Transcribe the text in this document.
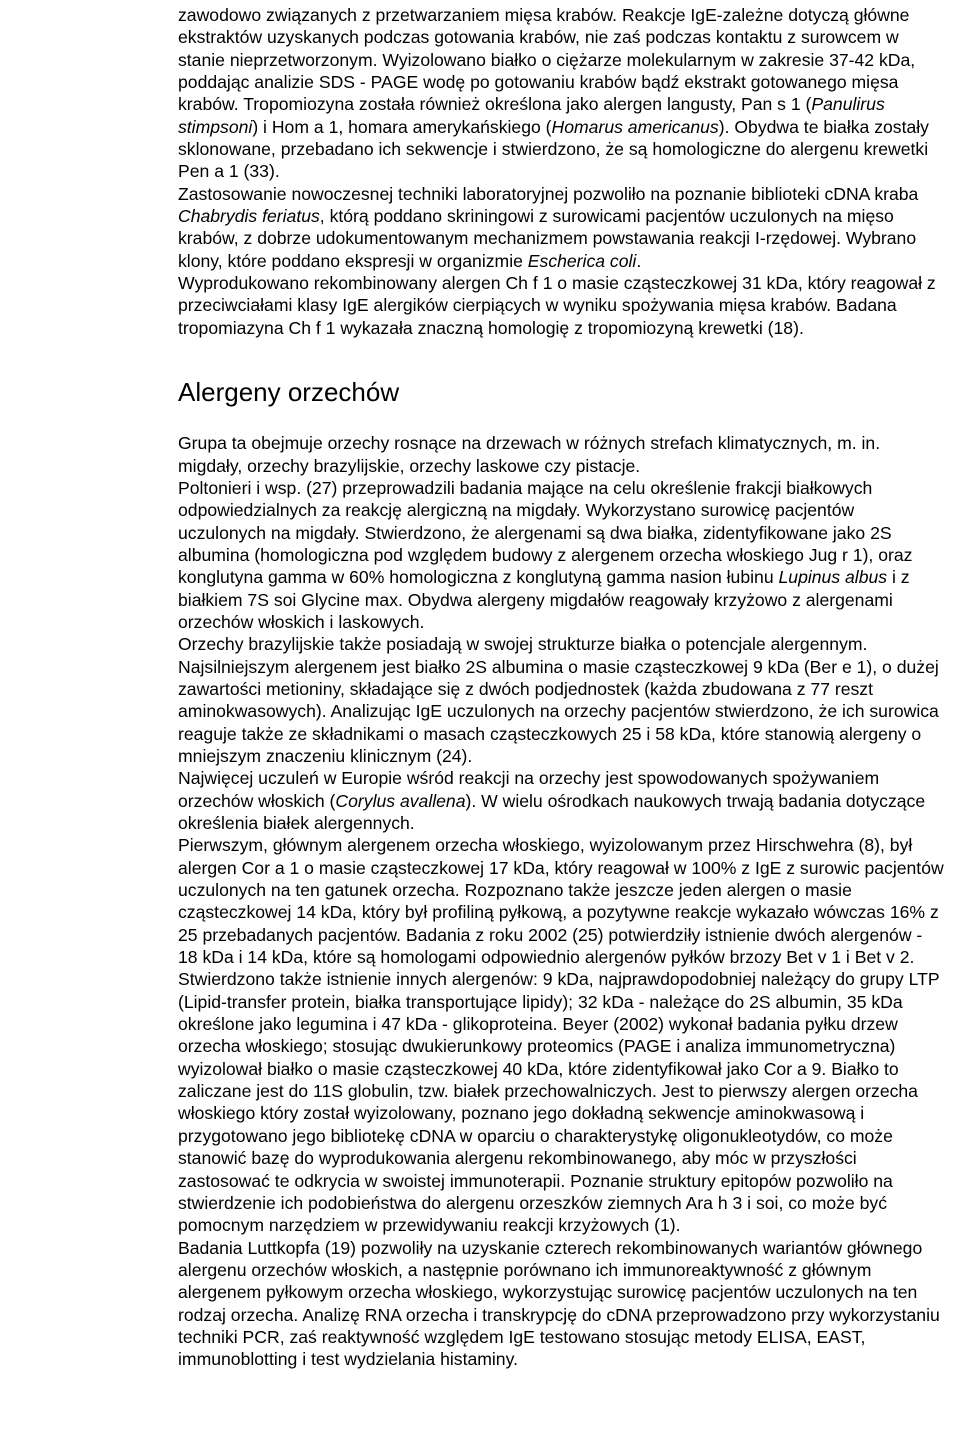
zawodowo związanych z przetwarzaniem mięsa krabów. Reakcje IgE-zależne dotyczą główne ekstraktów uzyskanych podczas gotowania krabów, nie zaś podczas kontaktu z surowcem w stanie nieprzetworzonym. Wyizolowano białko o ciężarze molekularnym w zakresie 37-42 kDa, poddając analizie SDS - PAGE wodę po gotowaniu krabów bądź ekstrakt gotowanego mięsa krabów. Tropomiozyna została również określona jako alergen langusty, Pan s 1 (Panulirus stimpsoni) i Hom a 1, homara amerykańskiego (Homarus americanus). Obydwa te białka zostały sklonowane, przebadano ich sekwencje i stwierdzono, że są homologiczne do alergenu krewetki Pen a 1 (33).

Zastosowanie nowoczesnej techniki laboratoryjnej pozwoliło na poznanie biblioteki cDNA kraba Chabrydis feriatus, którą poddano skriningowi z surowicami pacjentów uczulonych na mięso krabów, z dobrze udokumentowanym mechanizmem powstawania reakcji I-rzędowej. Wybrano klony, które poddano ekspresji w organizmie Escherica coli.

Wyprodukowano rekombinowany alergen Ch f 1 o masie cząsteczkowej 31 kDa, który reagował z przeciwciałami klasy IgE alergików cierpiących w wyniku spożywania mięsa krabów. Badana tropomiazyna Ch f 1 wykazała znaczną homologię z tropomiozyną krewetki (18).

Alergeny orzechów

Grupa ta obejmuje orzechy rosnące na drzewach w różnych strefach klimatycznych, m. in. migdały, orzechy brazylijskie, orzechy laskowe czy pistacje.

Poltonieri i wsp. (27) przeprowadzili badania mające na celu określenie frakcji białkowych odpowiedzialnych za reakcję alergiczną na migdały. Wykorzystano surowicę pacjentów uczulonych na migdały. Stwierdzono, że alergenami są dwa białka, zidentyfikowane jako 2S albumina (homologiczna pod względem budowy z alergenem orzecha włoskiego Jug r 1), oraz konglutyna gamma w 60% homologiczna z konglutyną gamma nasion łubinu Lupinus albus i z białkiem 7S soi Glycine max. Obydwa alergeny migdałów reagowały krzyżowo z alergenami orzechów włoskich i laskowych.

Orzechy brazylijskie także posiadają w swojej strukturze białka o potencjale alergennym. Najsilniejszym alergenem jest białko 2S albumina o masie cząsteczkowej 9 kDa (Ber e 1), o dużej zawartości metioniny, składające się z dwóch podjednostek (każda zbudowana z 77 reszt aminokwasowych). Analizując IgE uczulonych na orzechy pacjentów stwierdzono, że ich surowica reaguje także ze składnikami o masach cząsteczkowych 25 i 58 kDa, które stanowią alergeny o mniejszym znaczeniu klinicznym (24).

Najwięcej uczuleń w Europie wśród reakcji na orzechy jest spowodowanych spożywaniem orzechów włoskich (Corylus avallena). W wielu ośrodkach naukowych trwają badania dotyczące określenia białek alergennych.

Pierwszym, głównym alergenem orzecha włoskiego, wyizolowanym przez Hirschwehra (8), był alergen Cor a 1 o masie cząsteczkowej 17 kDa, który reagował w 100% z IgE z surowic pacjentów uczulonych na ten gatunek orzecha. Rozpoznano także jeszcze jeden alergen o masie cząsteczkowej 14 kDa, który był profiliną pyłkową, a pozytywne reakcje wykazało wówczas 16% z 25 przebadanych pacjentów. Badania z roku 2002 (25) potwierdziły istnienie dwóch alergenów - 18 kDa i 14 kDa, które są homologami odpowiednio alergenów pyłków brzozy Bet v 1 i Bet v 2. Stwierdzono także istnienie innych alergenów: 9 kDa, najprawdopodobniej należący do grupy LTP (Lipid-transfer protein, białka transportujące lipidy); 32 kDa - należące do 2S albumin, 35 kDa określone jako legumina i 47 kDa - glikoproteina. Beyer (2002) wykonał badania pyłku drzew orzecha włoskiego; stosując dwukierunkowy proteomics (PAGE i analiza immunometryczna) wyizolował białko o masie cząsteczkowej 40 kDa, które zidentyfikował jako Cor a 9. Białko to zaliczane jest do 11S globulin, tzw. białek przechowalniczych. Jest to pierwszy alergen orzecha włoskiego który został wyizolowany, poznano jego dokładną sekwencje aminokwasową i przygotowano jego bibliotekę cDNA w oparciu o charakterystykę oligonukleotydów, co może stanowić bazę do wyprodukowania alergenu rekombinowanego, aby móc w przyszłości zastosować te odkrycia w swoistej immunoterapii. Poznanie struktury epitopów pozwoliło na stwierdzenie ich podobieństwa do alergenu orzeszków ziemnych Ara h 3 i soi, co może być pomocnym narzędziem w przewidywaniu reakcji krzyżowych (1).

Badania Luttkopfa (19) pozwoliły na uzyskanie czterech rekombinowanych wariantów głównego alergenu orzechów włoskich, a następnie porównano ich immunoreaktywność z głównym alergenem pyłkowym orzecha włoskiego, wykorzystując surowicę pacjentów uczulonych na ten rodzaj orzecha. Analizę RNA orzecha i transkrypcję do cDNA przeprowadzono przy wykorzystaniu techniki PCR, zaś reaktywność względem IgE testowano stosując metody ELISA, EAST, immunoblotting i test wydzielania histaminy.
